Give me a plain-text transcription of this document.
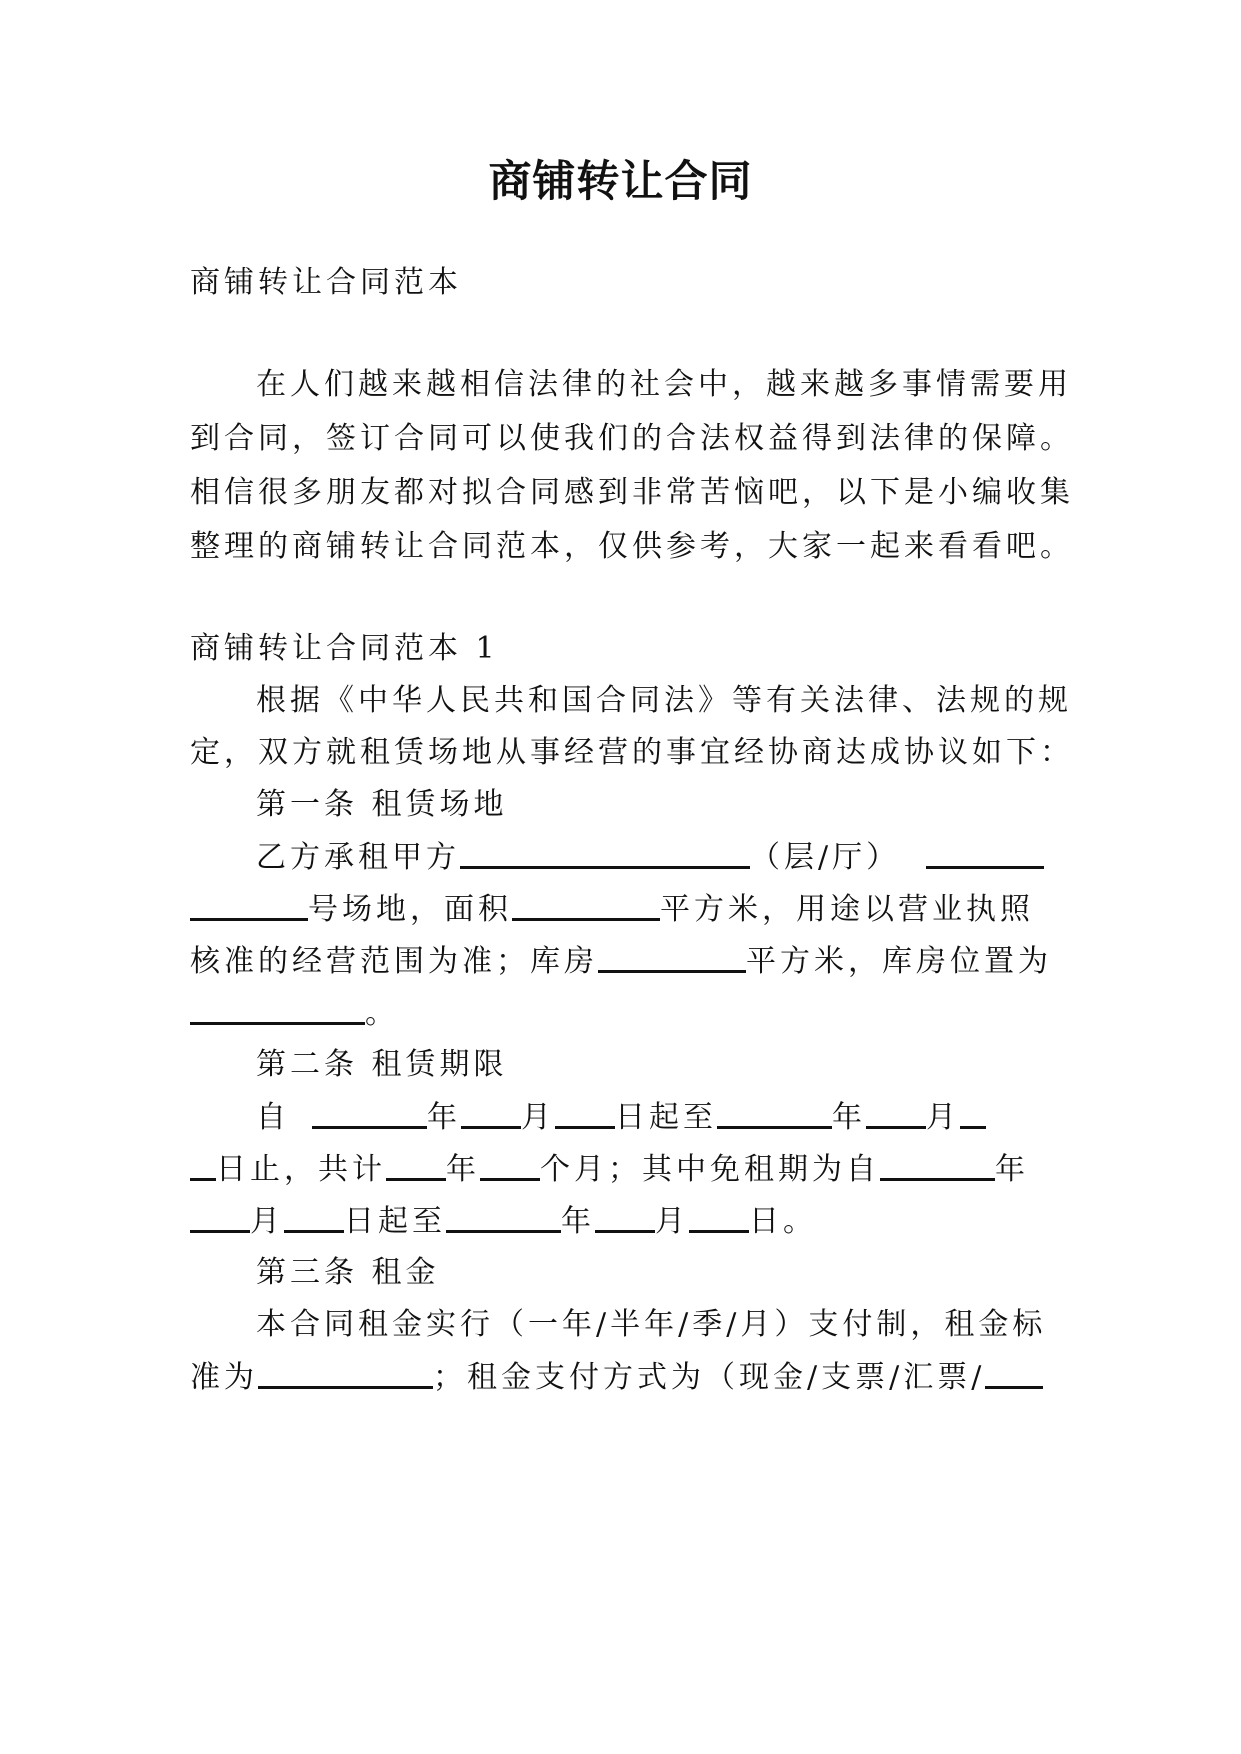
商铺转让合同
商铺转让合同范本
在人们越来越相信法律的社会中，越来越多事情需要用
到合同，签订合同可以使我们的合法权益得到法律的保障。
相信很多朋友都对拟合同感到非常苦恼吧，以下是小编收集
整理的商铺转让合同范本，仅供参考，大家一起来看看吧。
商铺转让合同范本 1
根据《中华人民共和国合同法》等有关法律、法规的规
定，双方就租赁场地从事经营的事宜经协商达成协议如下：
第一条 租赁场地
乙方承租甲方	（层/厅）
号场地，面积	平方米，用途以营业执照
核准的经营范围为准；库房	平方米，库房位置为
。
第二条 租赁期限
自	年 月 日起至	年 月
日止，共计 年 个月；其中免租期为自	年
月 日起至	年 月 日。
第三条 租金
本合同租金实行（一年/半年/季/月）支付制，租金标
准为	；租金支付方式为（现金/支票/汇票/
